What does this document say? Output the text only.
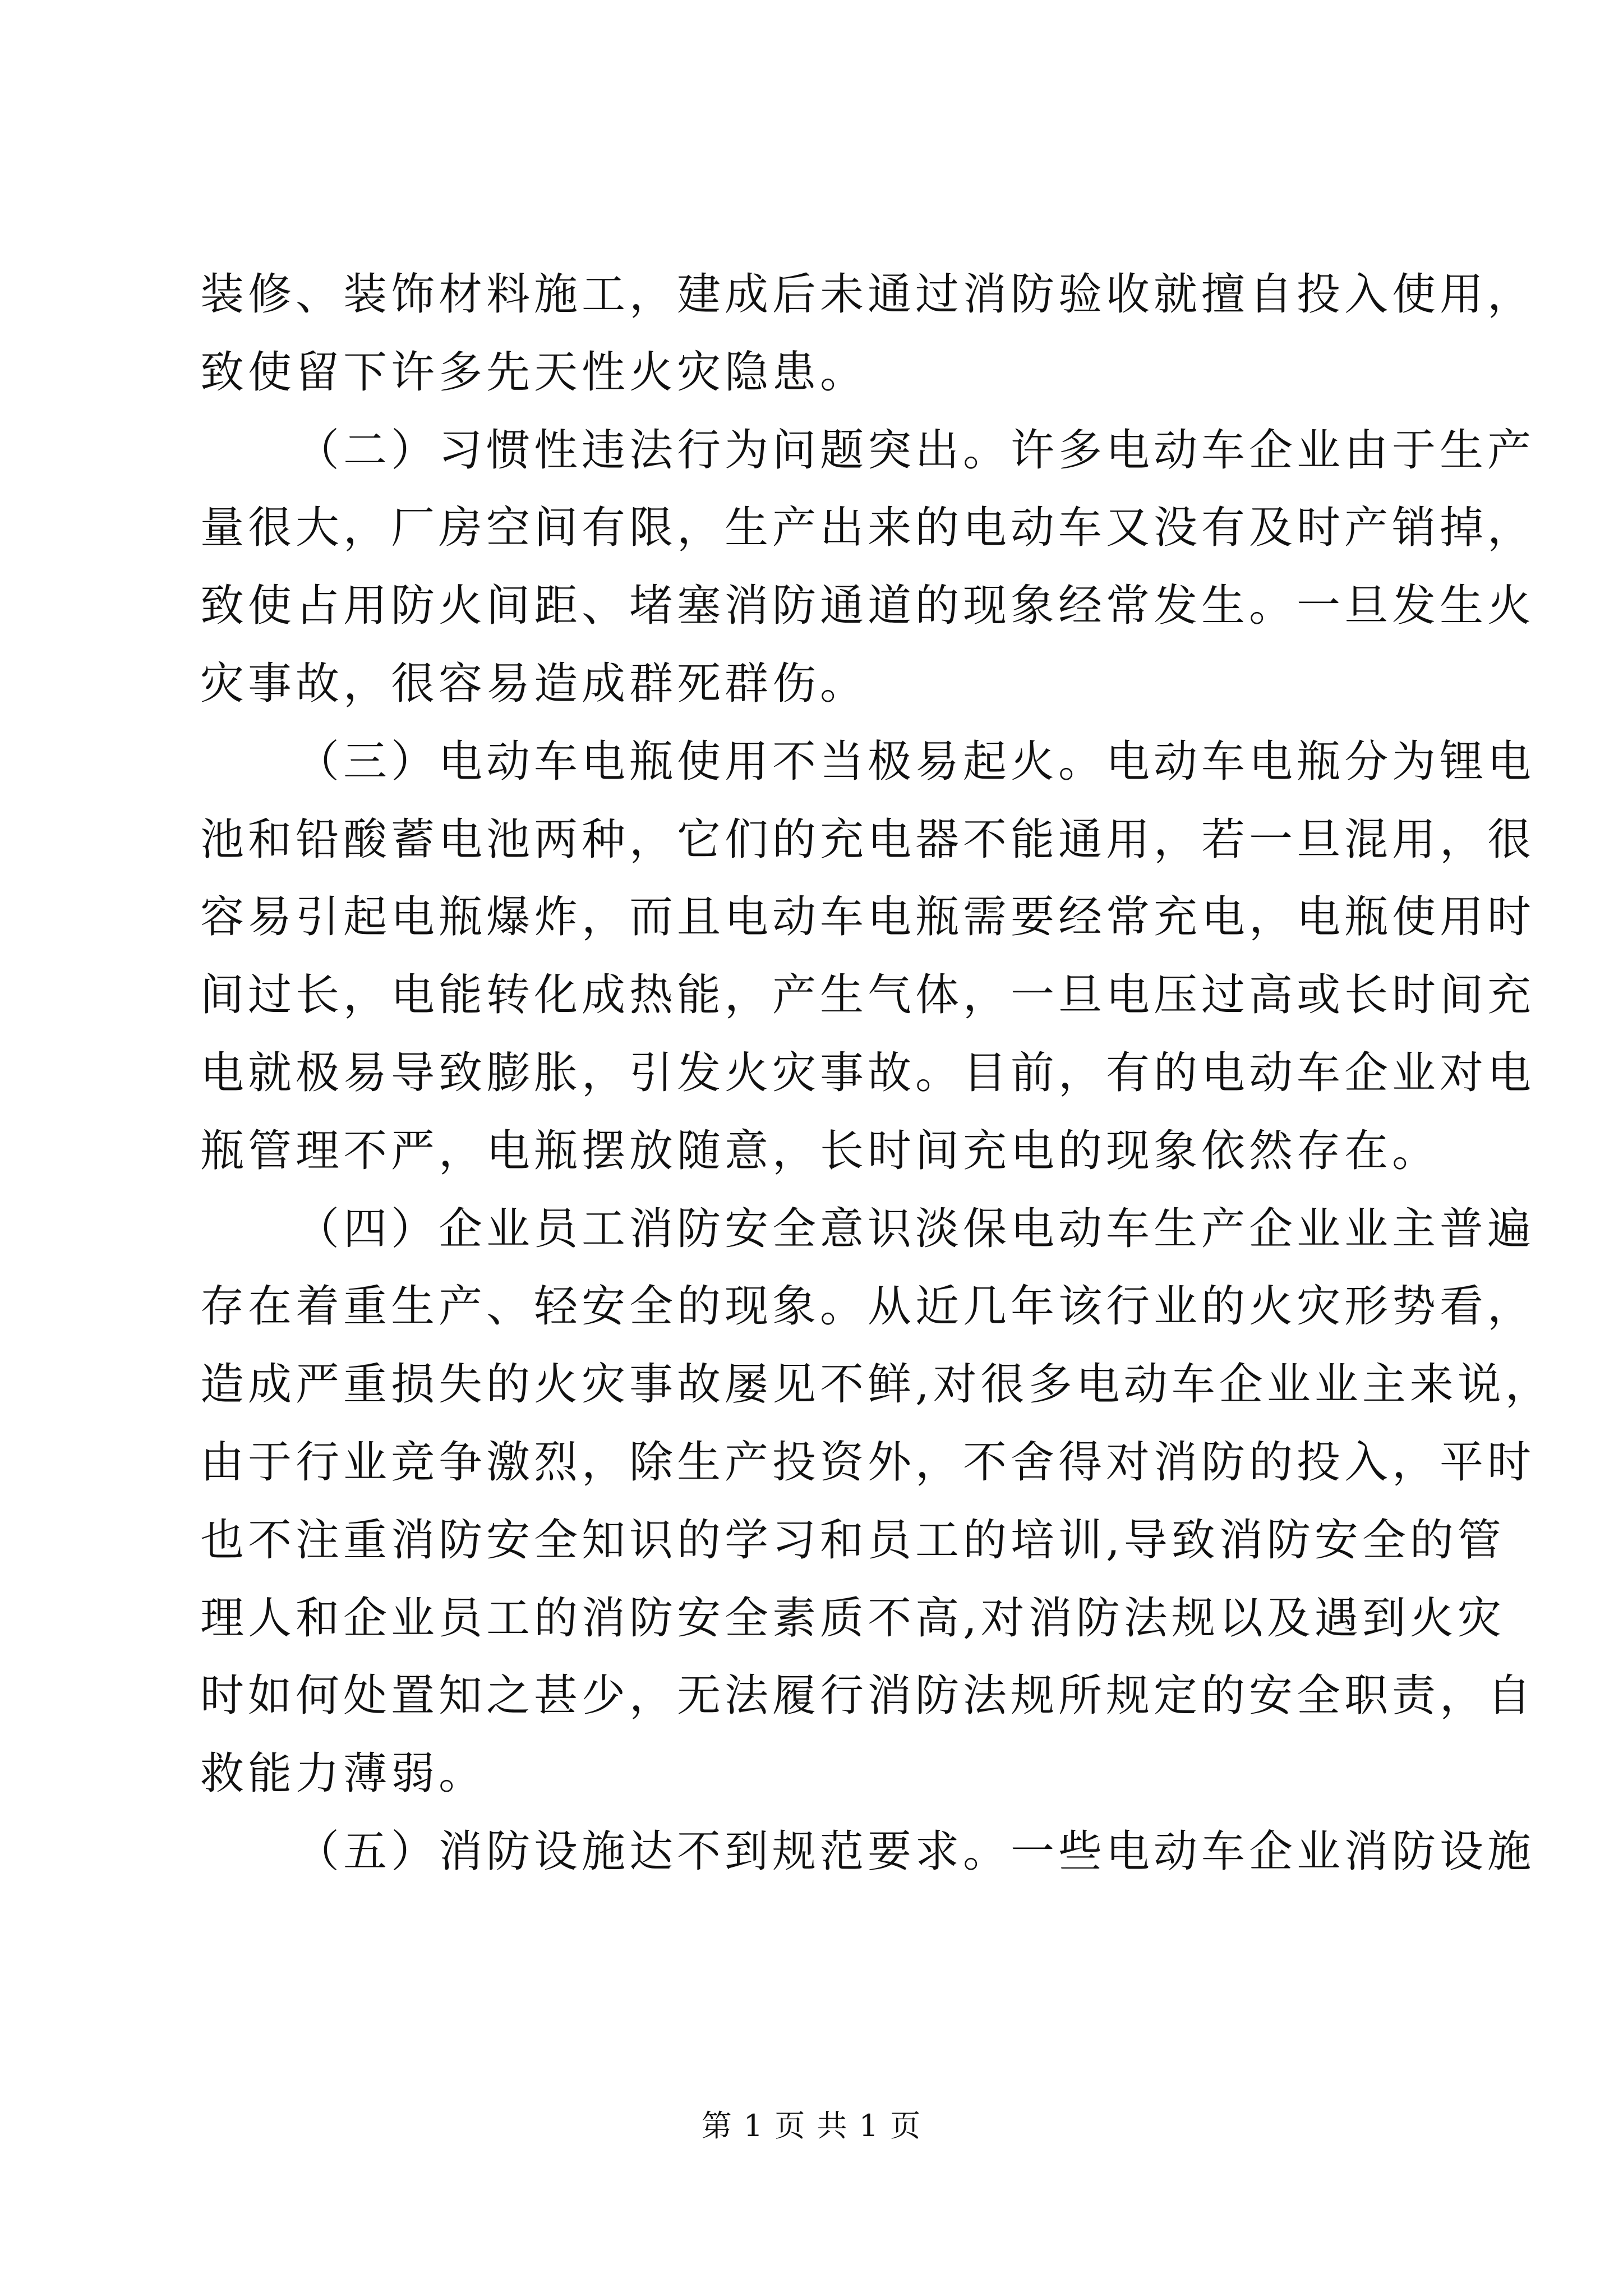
装修、装饰材料施工，建成后未通过消防验收就擅自投入使用，
致使留下许多先天性火灾隐患。
（二）习惯性违法行为问题突出。许多电动车企业由于生产
量很大，厂房空间有限，生产出来的电动车又没有及时产销掉，
致使占用防火间距、堵塞消防通道的现象经常发生。一旦发生火
灾事故，很容易造成群死群伤。
（三）电动车电瓶使用不当极易起火。电动车电瓶分为锂电
池和铅酸蓄电池两种，它们的充电器不能通用，若一旦混用，很
容易引起电瓶爆炸，而且电动车电瓶需要经常充电，电瓶使用时
间过长，电能转化成热能，产生气体，一旦电压过高或长时间充
电就极易导致膨胀，引发火灾事故。目前，有的电动车企业对电
瓶管理不严，电瓶摆放随意，长时间充电的现象依然存在。
（四）企业员工消防安全意识淡保电动车生产企业业主普遍
存在着重生产、轻安全的现象。从近几年该行业的火灾形势看，
造成严重损失的火灾事故屡见不鲜,对很多电动车企业业主来说，
由于行业竞争激烈，除生产投资外，不舍得对消防的投入，平时
也不注重消防安全知识的学习和员工的培训,导致消防安全的管
理人和企业员工的消防安全素质不高,对消防法规以及遇到火灾
时如何处置知之甚少，无法履行消防法规所规定的安全职责，自
救能力薄弱。
（五）消防设施达不到规范要求。一些电动车企业消防设施
第 1 页 共 1 页
